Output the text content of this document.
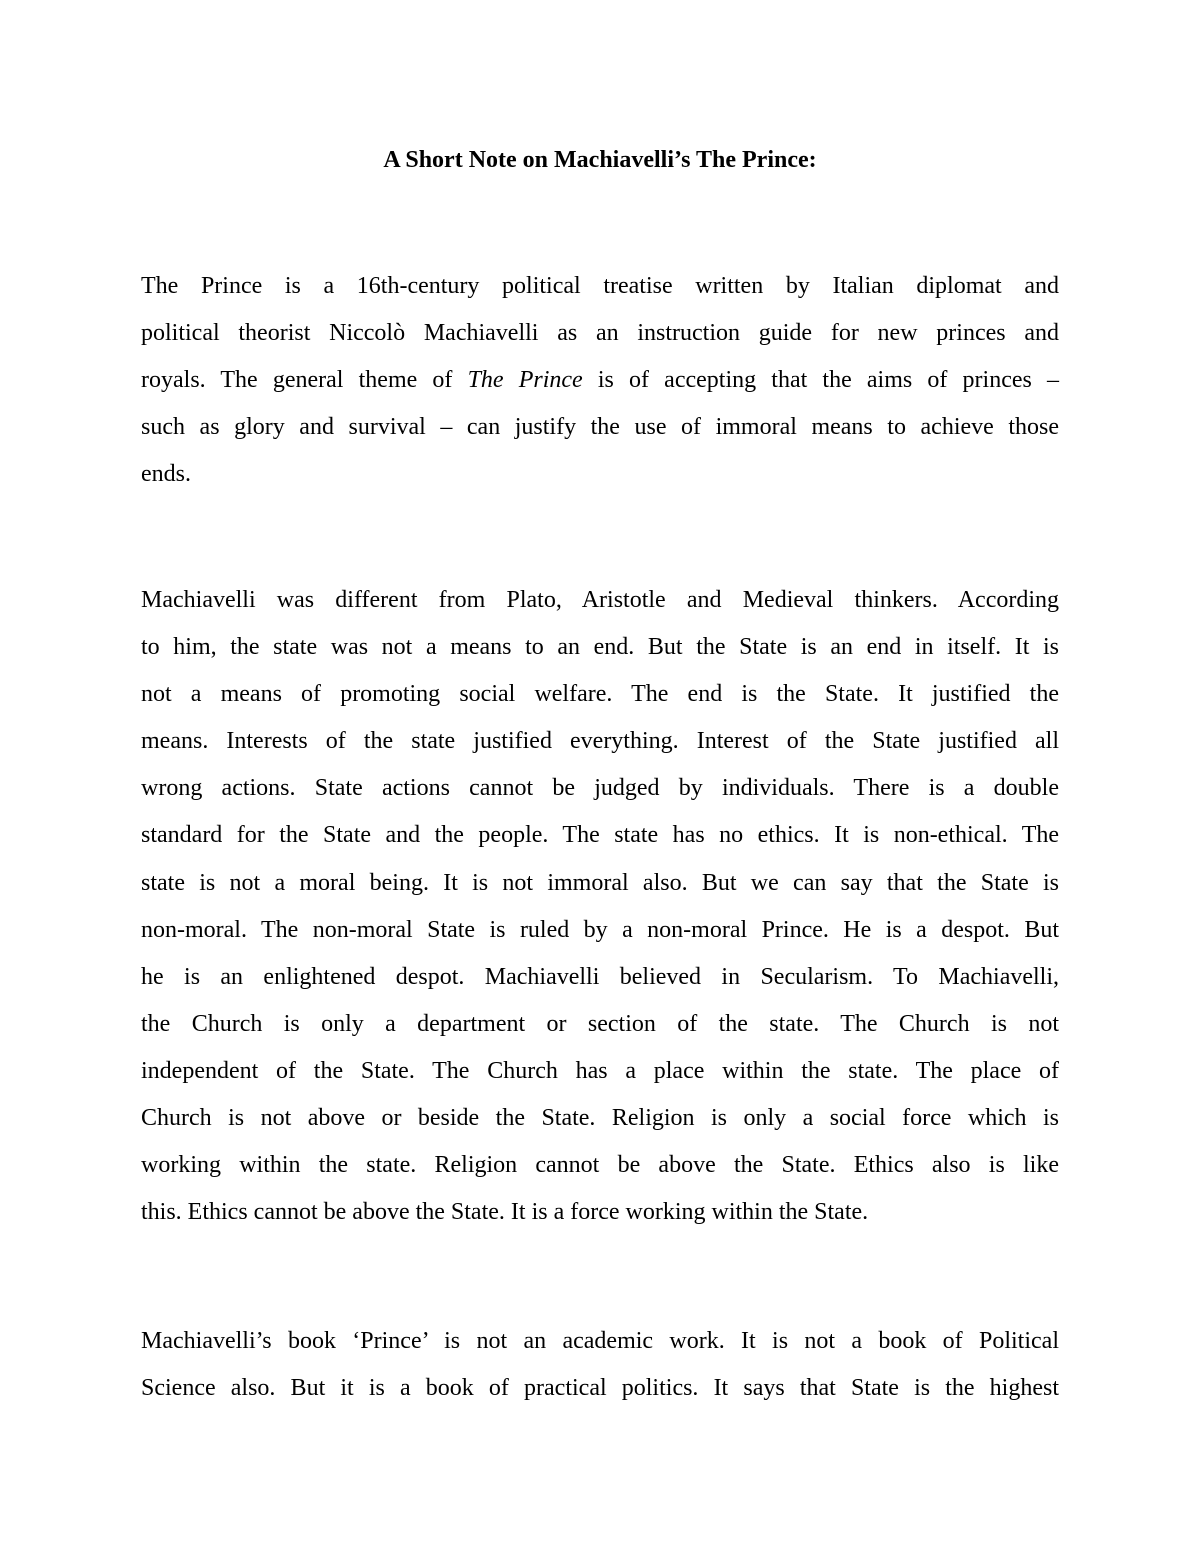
A Short Note on Machiavelli’s The Prince:

The Prince is a 16th-century political treatise written by Italian diplomat and
political theorist Niccolò Machiavelli as an instruction guide for new princes and
royals. The general theme of The Prince is of accepting that the aims of princes –
such as glory and survival – can justify the use of immoral means to achieve those
ends.

Machiavelli was different from Plato, Aristotle and Medieval thinkers. According
to him, the state was not a means to an end. But the State is an end in itself. It is
not a means of promoting social welfare. The end is the State. It justified the
means. Interests of the state justified everything. Interest of the State justified all
wrong actions. State actions cannot be judged by individuals. There is a double
standard for the State and the people. The state has no ethics. It is non-ethical. The
state is not a moral being. It is not immoral also. But we can say that the State is
non-moral. The non-moral State is ruled by a non-moral Prince. He is a despot. But
he is an enlightened despot. Machiavelli believed in Secularism. To Machiavelli,
the Church is only a department or section of the state. The Church is not
independent of the State. The Church has a place within the state. The place of
Church is not above or beside the State. Religion is only a social force which is
working within the state. Religion cannot be above the State. Ethics also is like
this. Ethics cannot be above the State. It is a force working within the State.

Machiavelli’s book ‘Prince’ is not an academic work. It is not a book of Political
Science also. But it is a book of practical politics. It says that State is the highest
